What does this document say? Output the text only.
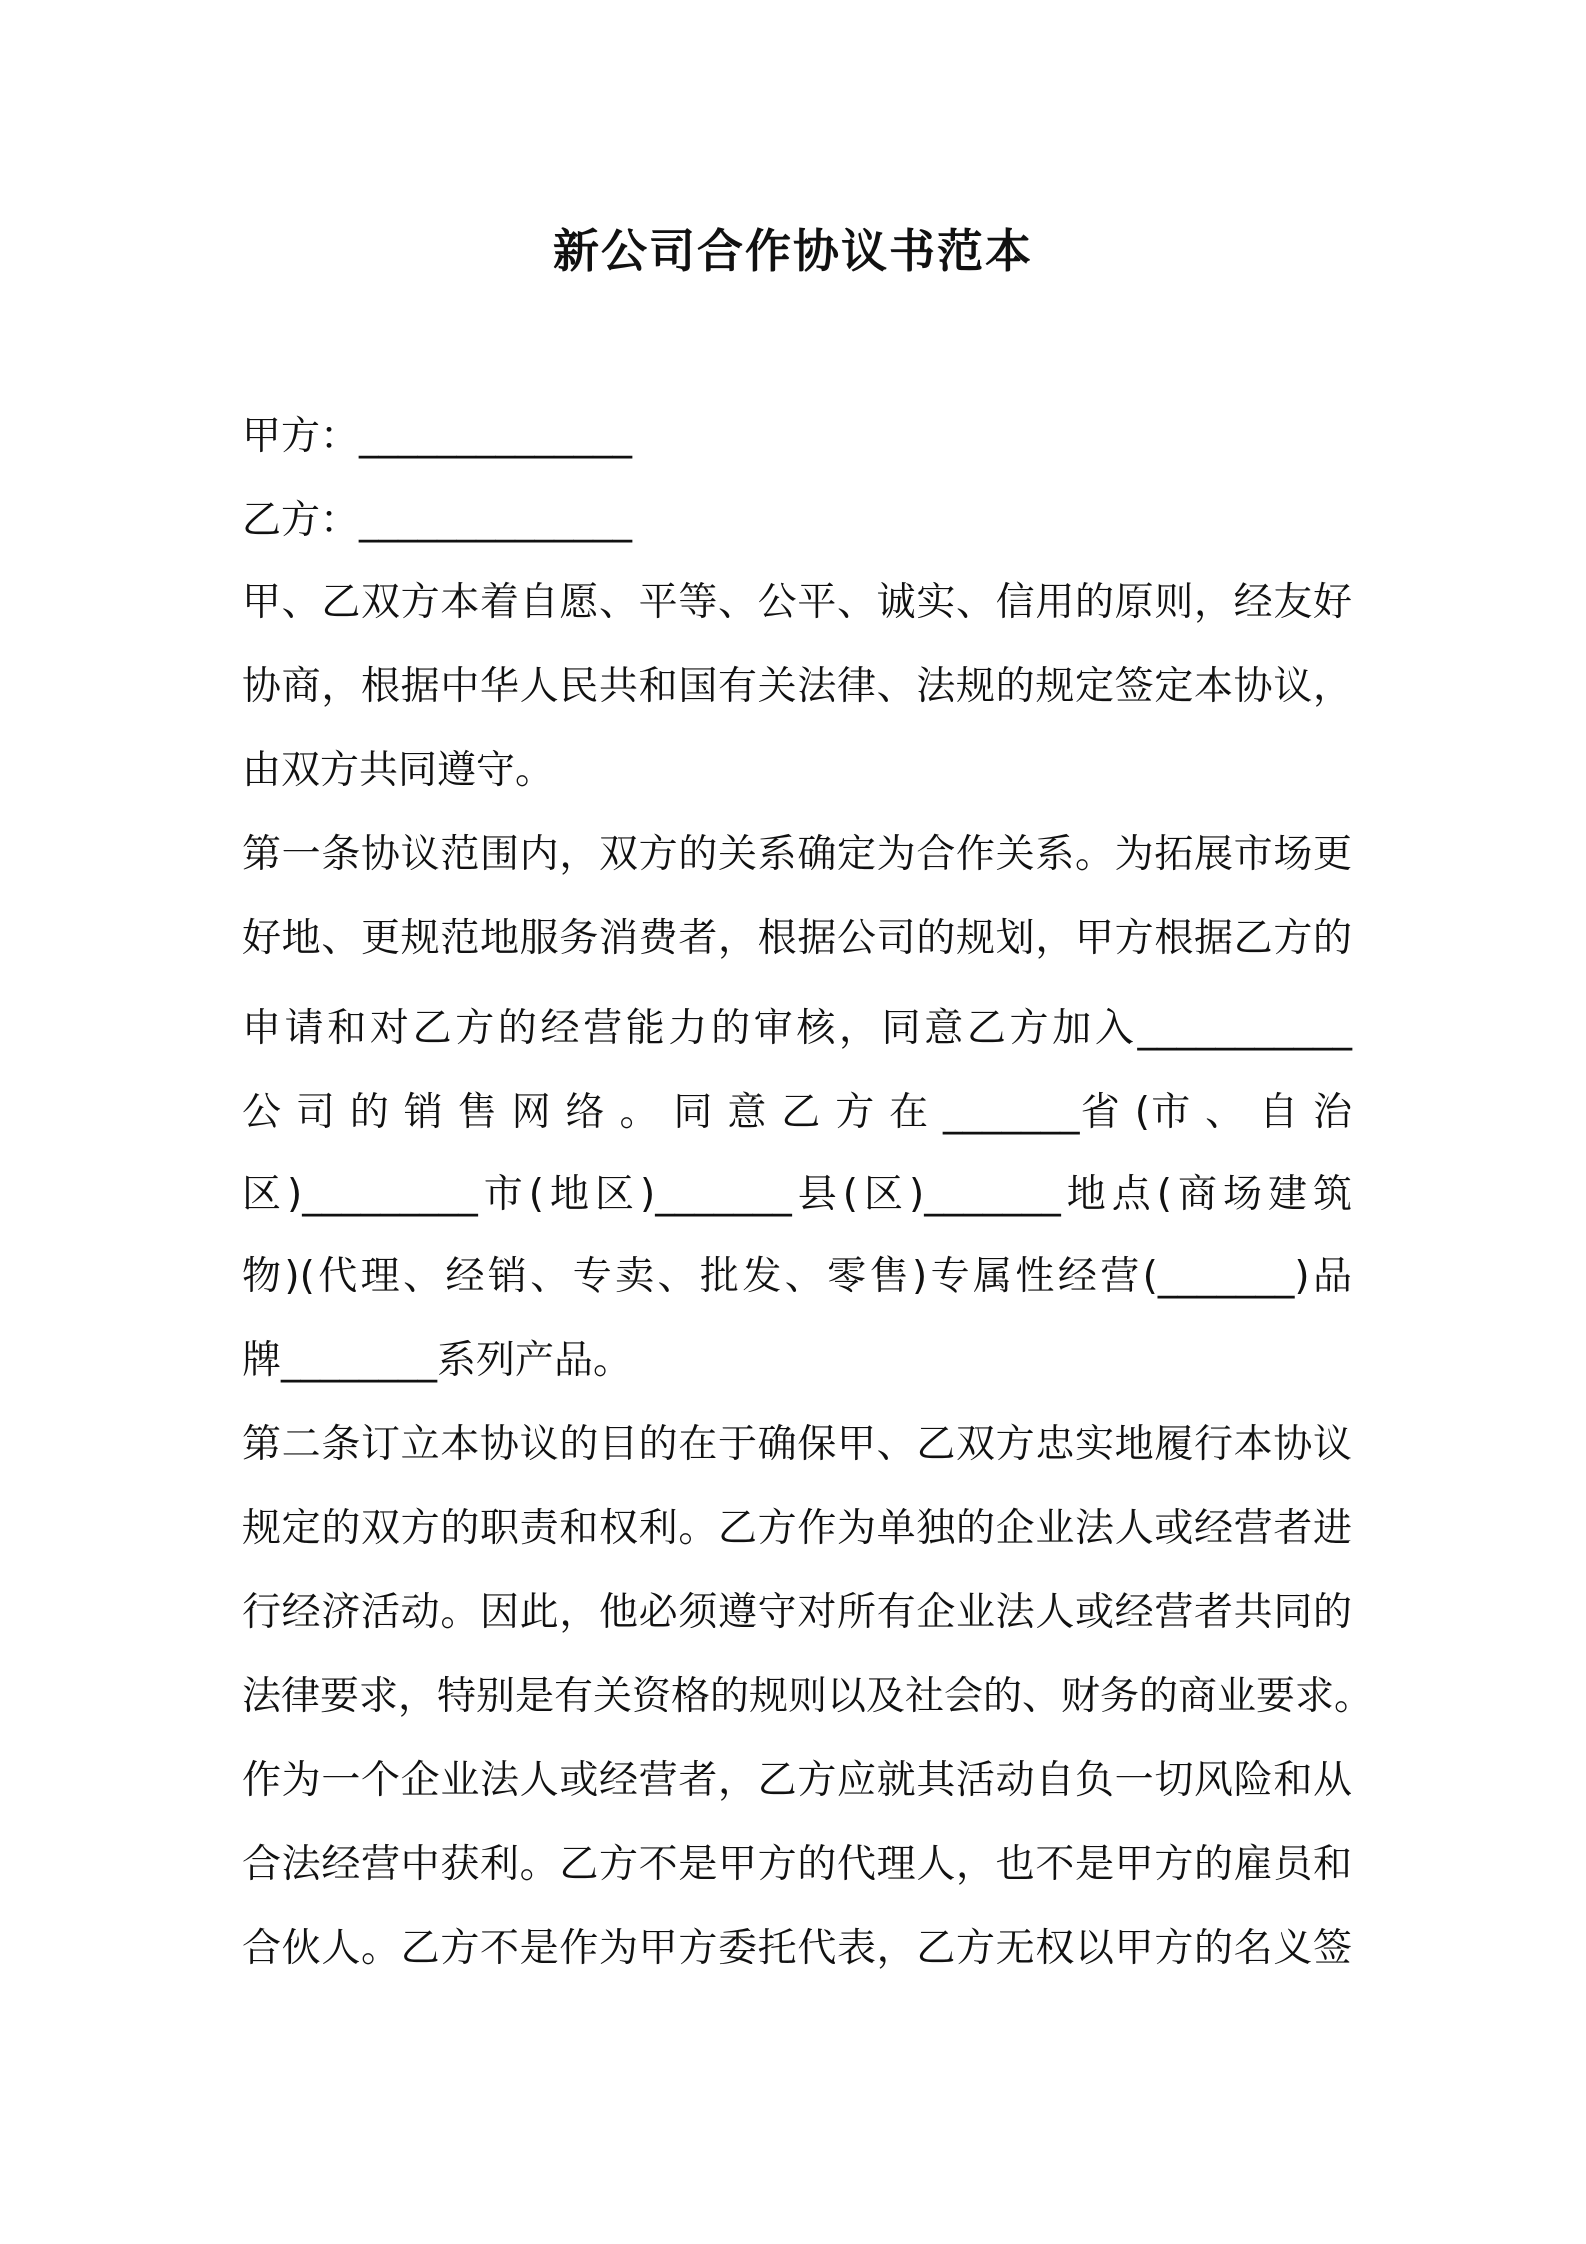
新公司合作协议书范本

甲方：______________

乙方：______________

甲、乙双方本着自愿、平等、公平、诚实、信用的原则，经友好

协商，根据中华人民共和国有关法律、法规的规定签定本协议，

由双方共同遵守。

第一条协议范围内，双方的关系确定为合作关系。为拓展市场更

好地、更规范地服务消费者，根据公司的规划，甲方根据乙方的

申请和对乙方的经营能力的审核，同意乙方加入___________

公 司 的 销 售 网 络 。 同 意 乙 方 在 _______省 (市 、 自 治

区)_________市(地区)_______县(区)_______地点(商场建筑

物)(代理、经销、专卖、批发、零售)专属性经营(_______)品

牌________系列产品。

第二条订立本协议的目的在于确保甲、乙双方忠实地履行本协议

规定的双方的职责和权利。乙方作为单独的企业法人或经营者进

行经济活动。因此，他必须遵守对所有企业法人或经营者共同的

法律要求，特别是有关资格的规则以及社会的、财务的商业要求。

作为一个企业法人或经营者，乙方应就其活动自负一切风险和从

合法经营中获利。乙方不是甲方的代理人，也不是甲方的雇员和

合伙人。乙方不是作为甲方委托代表，乙方无权以甲方的名义签
